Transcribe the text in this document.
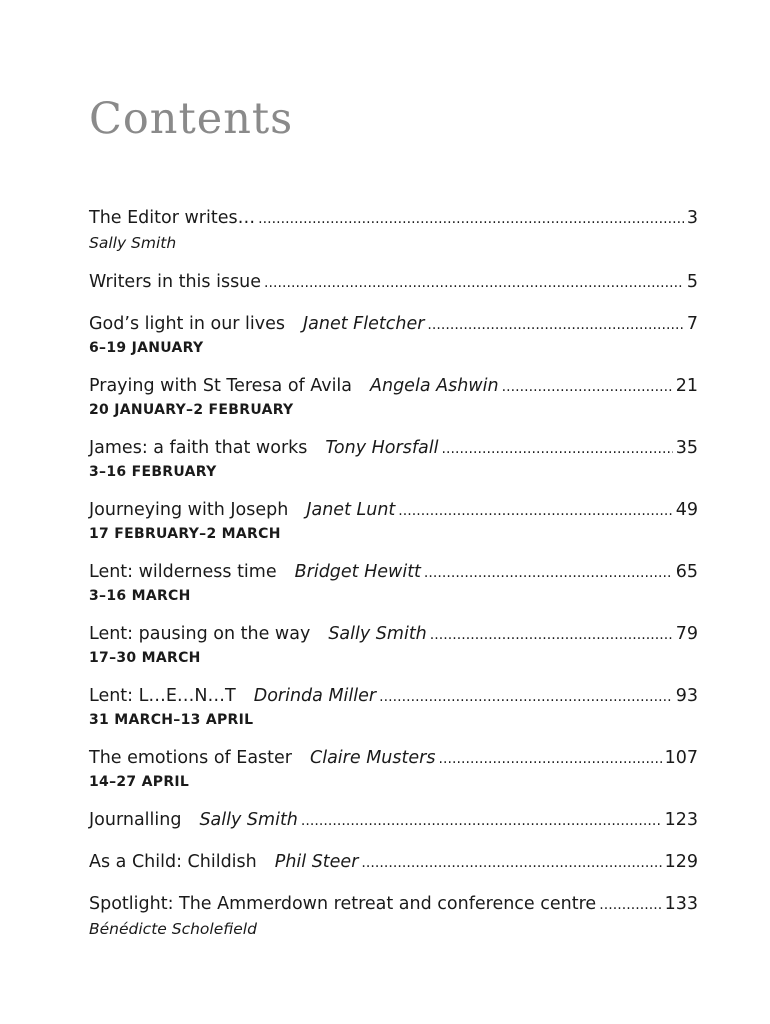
Contents
The Editor writes… . . .	3
Sally Smith
Writers in this issue . . .	5
God’s light in our lives Janet Fletcher . . .	7
6–19 JANUARY
Praying with St Teresa of Avila Angela Ashwin . . .	21
20 JANUARY–2 FEBRUARY
James: a faith that works Tony Horsfall . . .	35
3–16 FEBRUARY
Journeying with Joseph Janet Lunt . . .	49
17 FEBRUARY–2 MARCH
Lent: wilderness time Bridget Hewitt . . .	65
3–16 MARCH
Lent: pausing on the way Sally Smith . . .	79
17–30 MARCH
Lent: L…E…N…T Dorinda Miller . . .	93
31 MARCH–13 APRIL
The emotions of Easter Claire Musters . . .	107
14–27 APRIL
Journalling Sally Smith . . .	123
As a Child: Childish Phil Steer . . .	129
Spotlight: The Ammerdown retreat and conference centre . . .	133
Bénédicte Scholefield
